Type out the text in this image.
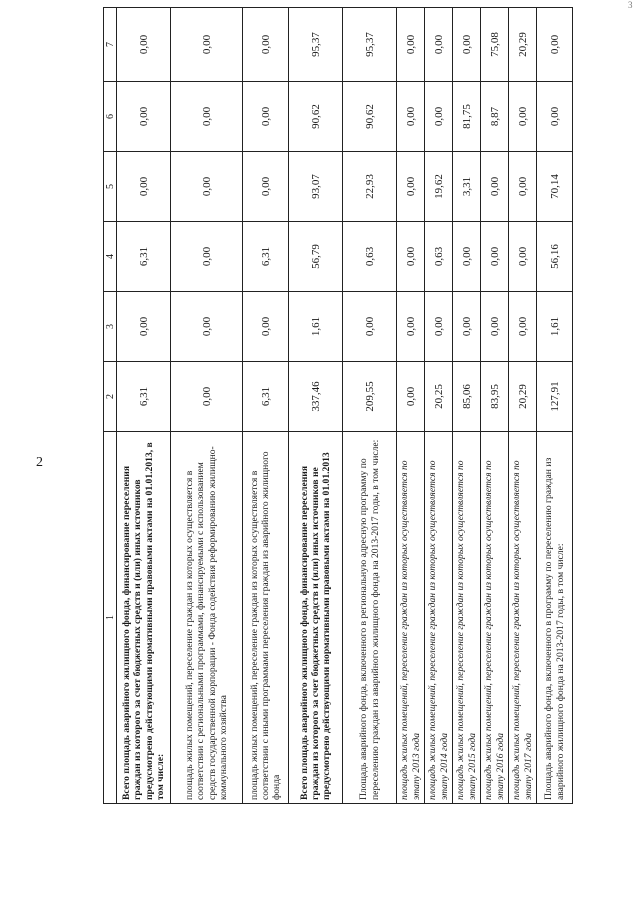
2
3
1	2	3	4	5	6	7
Всего площадь аварийного жилищного фонда, финансирование переселения граждан из которого за счет бюджетных средств и (или) иных источников предусмотрено действующими нормативными правовыми актами на 01.01.2013, в том числе:	6,31	0,00	6,31	0,00	0,00	0,00
площадь жилых помещений, переселение граждан из которых осуществляется в соответствии с региональными программами, финансируемыми с использованием средств государственной корпорации - Фонда содействия реформированию жилищно-коммунального хозяйства	0,00	0,00	0,00	0,00	0,00	0,00
площадь жилых помещений, переселение граждан из которых осуществляется в соответствии с иными программами переселения граждан из аварийного жилищного фонда	6,31	0,00	6,31	0,00	0,00	0,00
Всего площадь аварийного жилищного фонда, финансирование переселения граждан из которого за счет бюджетных средств и (или) иных источников не предусмотрено действующими нормативными правовыми актами на 01.01.2013	337,46	1,61	56,79	93,07	90,62	95,37
Площадь аварийного фонда, включенного в региональную адресную программу по переселению граждан из аварийного жилищного фонда на 2013-2017 годы, в том числе:	209,55	0,00	0,63	22,93	90,62	95,37
площадь жилых помещений, переселение граждан из которых осуществляется по этапу 2013 года	0,00	0,00	0,00	0,00	0,00	0,00
площадь жилых помещений, переселение граждан из которых осуществляется по этапу 2014 года	20,25	0,00	0,63	19,62	0,00	0,00
площадь жилых помещений, переселение граждан из которых осуществляется по этапу 2015 года	85,06	0,00	0,00	3,31	81,75	0,00
площадь жилых помещений, переселение граждан из которых осуществляется по этапу 2016 года	83,95	0,00	0,00	0,00	8,87	75,08
площадь жилых помещений, переселение граждан из которых осуществляется по этапу 2017 года	20,29	0,00	0,00	0,00	0,00	20,29
Площадь аварийного фонда, включенного в программу по переселению граждан из аварийного жилищного фонда на 2013-2017 годы, в том числе:	127,91	1,61	56,16	70,14	0,00	0,00
